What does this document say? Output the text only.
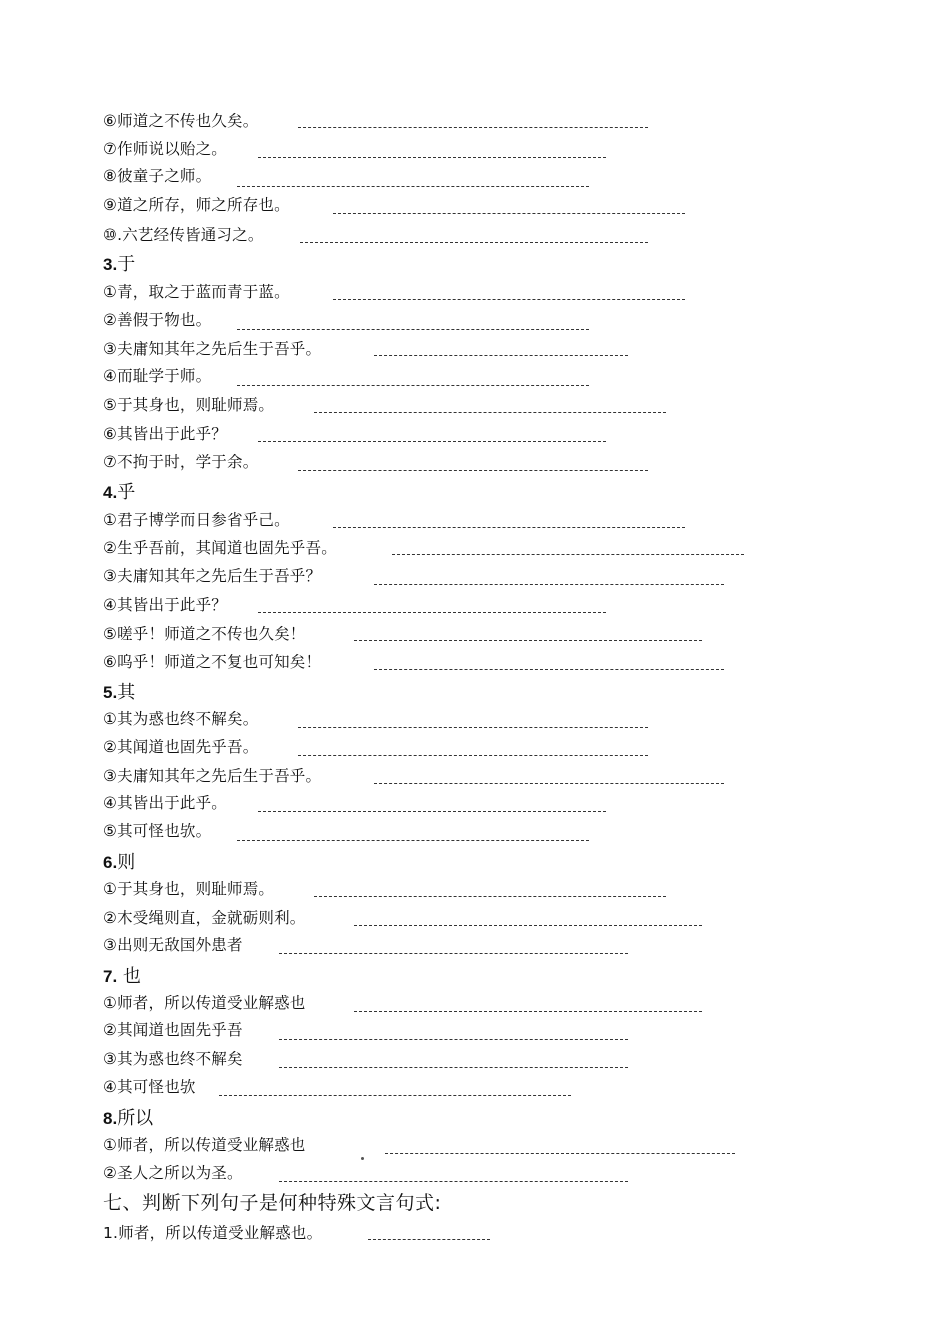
⑥师道之不传也久矣。
⑦作师说以贻之。
⑧彼童子之师。
⑨道之所存，师之所存也。
⑩.六艺经传皆通习之。
3.于
①青，取之于蓝而青于蓝。
②善假于物也。
③夫庸知其年之先后生于吾乎。
④而耻学于师。
⑤于其身也，则耻师焉。
⑥其皆出于此乎？
⑦不拘于时，学于余。
4.乎
①君子博学而日参省乎己。
②生乎吾前，其闻道也固先乎吾。
③夫庸知其年之先后生于吾乎？
④其皆出于此乎？
⑤嗟乎！师道之不传也久矣！
⑥呜乎！师道之不复也可知矣！
5.其
①其为惑也终不解矣。
②其闻道也固先乎吾。
③夫庸知其年之先后生于吾乎。
④其皆出于此乎。
⑤其可怪也欤。
6.则
①于其身也，则耻师焉。
②木受绳则直，金就砺则利。
③出则无敌国外患者
7. 也
①师者，所以传道受业解惑也
②其闻道也固先乎吾
③其为惑也终不解矣
④其可怪也欤
8.所以
①师者，所以传道受业解惑也
②圣人之所以为圣。
七、判断下列句子是何种特殊文言句式:
1.师者，所以传道受业解惑也。
